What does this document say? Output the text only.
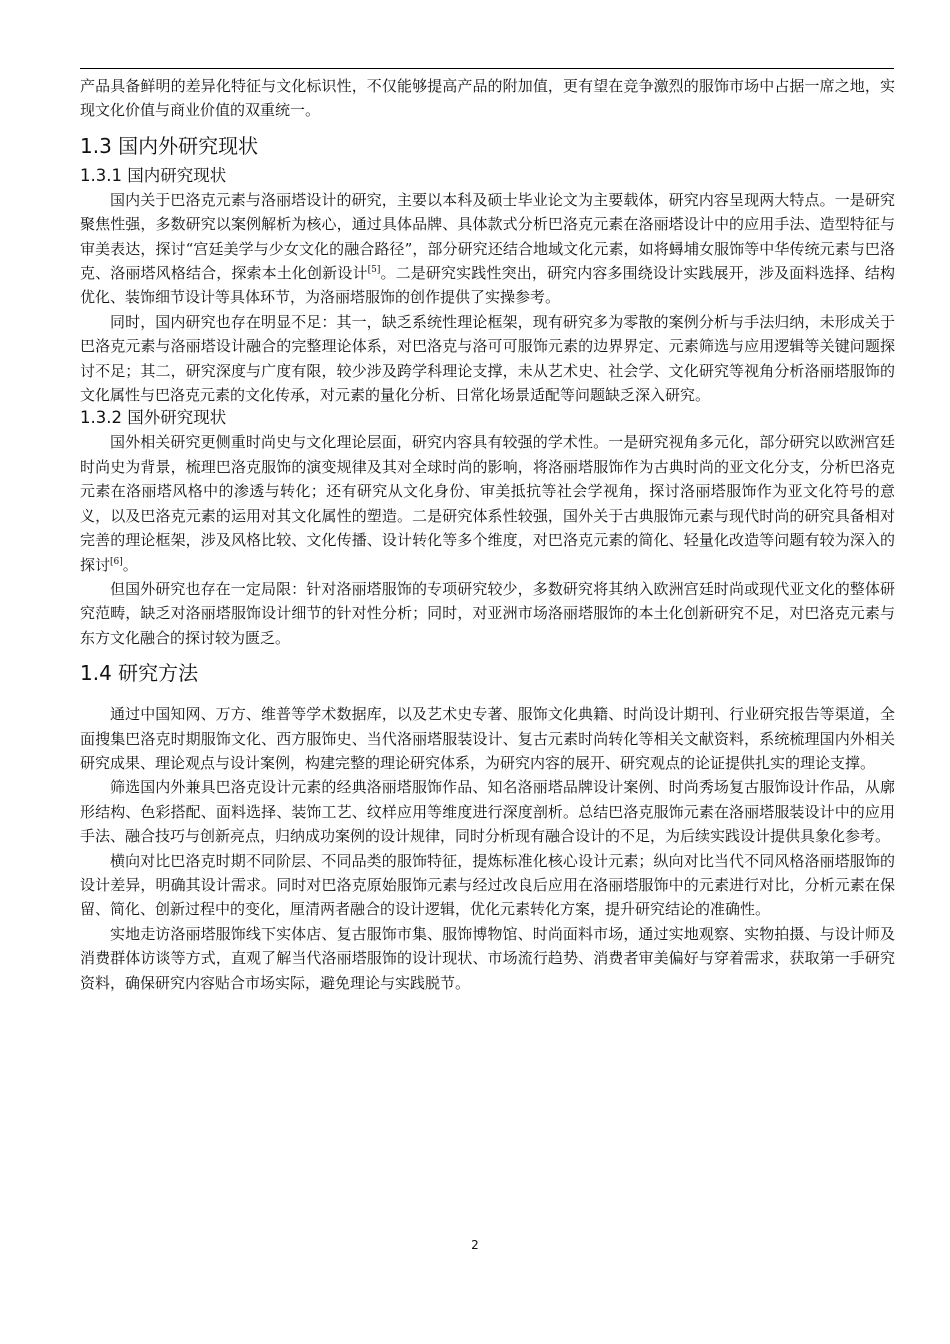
产品具备鲜明的差异化特征与文化标识性，不仅能够提高产品的附加值，更有望在竞争激烈的服饰市场中占据一席之地，实现文化价值与商业价值的双重统一。

1.3 国内外研究现状
1.3.1 国内研究现状

国内关于巴洛克元素与洛丽塔设计的研究，主要以本科及硕士毕业论文为主要载体，研究内容呈现两大特点。一是研究聚焦性强，多数研究以案例解析为核心，通过具体品牌、具体款式分析巴洛克元素在洛丽塔设计中的应用手法、造型特征与审美表达，探讨“宫廷美学与少女文化的融合路径”，部分研究还结合地域文化元素，如将蟳埔女服饰等中华传统元素与巴洛克、洛丽塔风格结合，探索本土化创新设计[5]。二是研究实践性突出，研究内容多围绕设计实践展开，涉及面料选择、结构优化、装饰细节设计等具体环节，为洛丽塔服饰的创作提供了实操参考。

同时，国内研究也存在明显不足：其一，缺乏系统性理论框架，现有研究多为零散的案例分析与手法归纳，未形成关于巴洛克元素与洛丽塔设计融合的完整理论体系，对巴洛克与洛可可服饰元素的边界界定、元素筛选与应用逻辑等关键问题探讨不足；其二，研究深度与广度有限，较少涉及跨学科理论支撑，未从艺术史、社会学、文化研究等视角分析洛丽塔服饰的文化属性与巴洛克元素的文化传承，对元素的量化分析、日常化场景适配等问题缺乏深入研究。

1.3.2 国外研究现状

国外相关研究更侧重时尚史与文化理论层面，研究内容具有较强的学术性。一是研究视角多元化，部分研究以欧洲宫廷时尚史为背景，梳理巴洛克服饰的演变规律及其对全球时尚的影响，将洛丽塔服饰作为古典时尚的亚文化分支，分析巴洛克元素在洛丽塔风格中的渗透与转化；还有研究从文化身份、审美抵抗等社会学视角，探讨洛丽塔服饰作为亚文化符号的意义，以及巴洛克元素的运用对其文化属性的塑造。二是研究体系性较强，国外关于古典服饰元素与现代时尚的研究具备相对完善的理论框架，涉及风格比较、文化传播、设计转化等多个维度，对巴洛克元素的简化、轻量化改造等问题有较为深入的探讨[6]。

但国外研究也存在一定局限：针对洛丽塔服饰的专项研究较少，多数研究将其纳入欧洲宫廷时尚或现代亚文化的整体研究范畴，缺乏对洛丽塔服饰设计细节的针对性分析；同时，对亚洲市场洛丽塔服饰的本土化创新研究不足，对巴洛克元素与东方文化融合的探讨较为匮乏。

1.4 研究方法

通过中国知网、万方、维普等学术数据库，以及艺术史专著、服饰文化典籍、时尚设计期刊、行业研究报告等渠道，全面搜集巴洛克时期服饰文化、西方服饰史、当代洛丽塔服装设计、复古元素时尚转化等相关文献资料，系统梳理国内外相关研究成果、理论观点与设计案例，构建完整的理论研究体系，为研究内容的展开、研究观点的论证提供扎实的理论支撑。

筛选国内外兼具巴洛克设计元素的经典洛丽塔服饰作品、知名洛丽塔品牌设计案例、时尚秀场复古服饰设计作品，从廓形结构、色彩搭配、面料选择、装饰工艺、纹样应用等维度进行深度剖析。总结巴洛克服饰元素在洛丽塔服装设计中的应用手法、融合技巧与创新亮点，归纳成功案例的设计规律，同时分析现有融合设计的不足，为后续实践设计提供具象化参考。

横向对比巴洛克时期不同阶层、不同品类的服饰特征，提炼标准化核心设计元素；纵向对比当代不同风格洛丽塔服饰的设计差异，明确其设计需求。同时对巴洛克原始服饰元素与经过改良后应用在洛丽塔服饰中的元素进行对比，分析元素在保留、简化、创新过程中的变化，厘清两者融合的设计逻辑，优化元素转化方案，提升研究结论的准确性。

实地走访洛丽塔服饰线下实体店、复古服饰市集、服饰博物馆、时尚面料市场，通过实地观察、实物拍摄、与设计师及消费群体访谈等方式，直观了解当代洛丽塔服饰的设计现状、市场流行趋势、消费者审美偏好与穿着需求，获取第一手研究资料，确保研究内容贴合市场实际，避免理论与实践脱节。

2
